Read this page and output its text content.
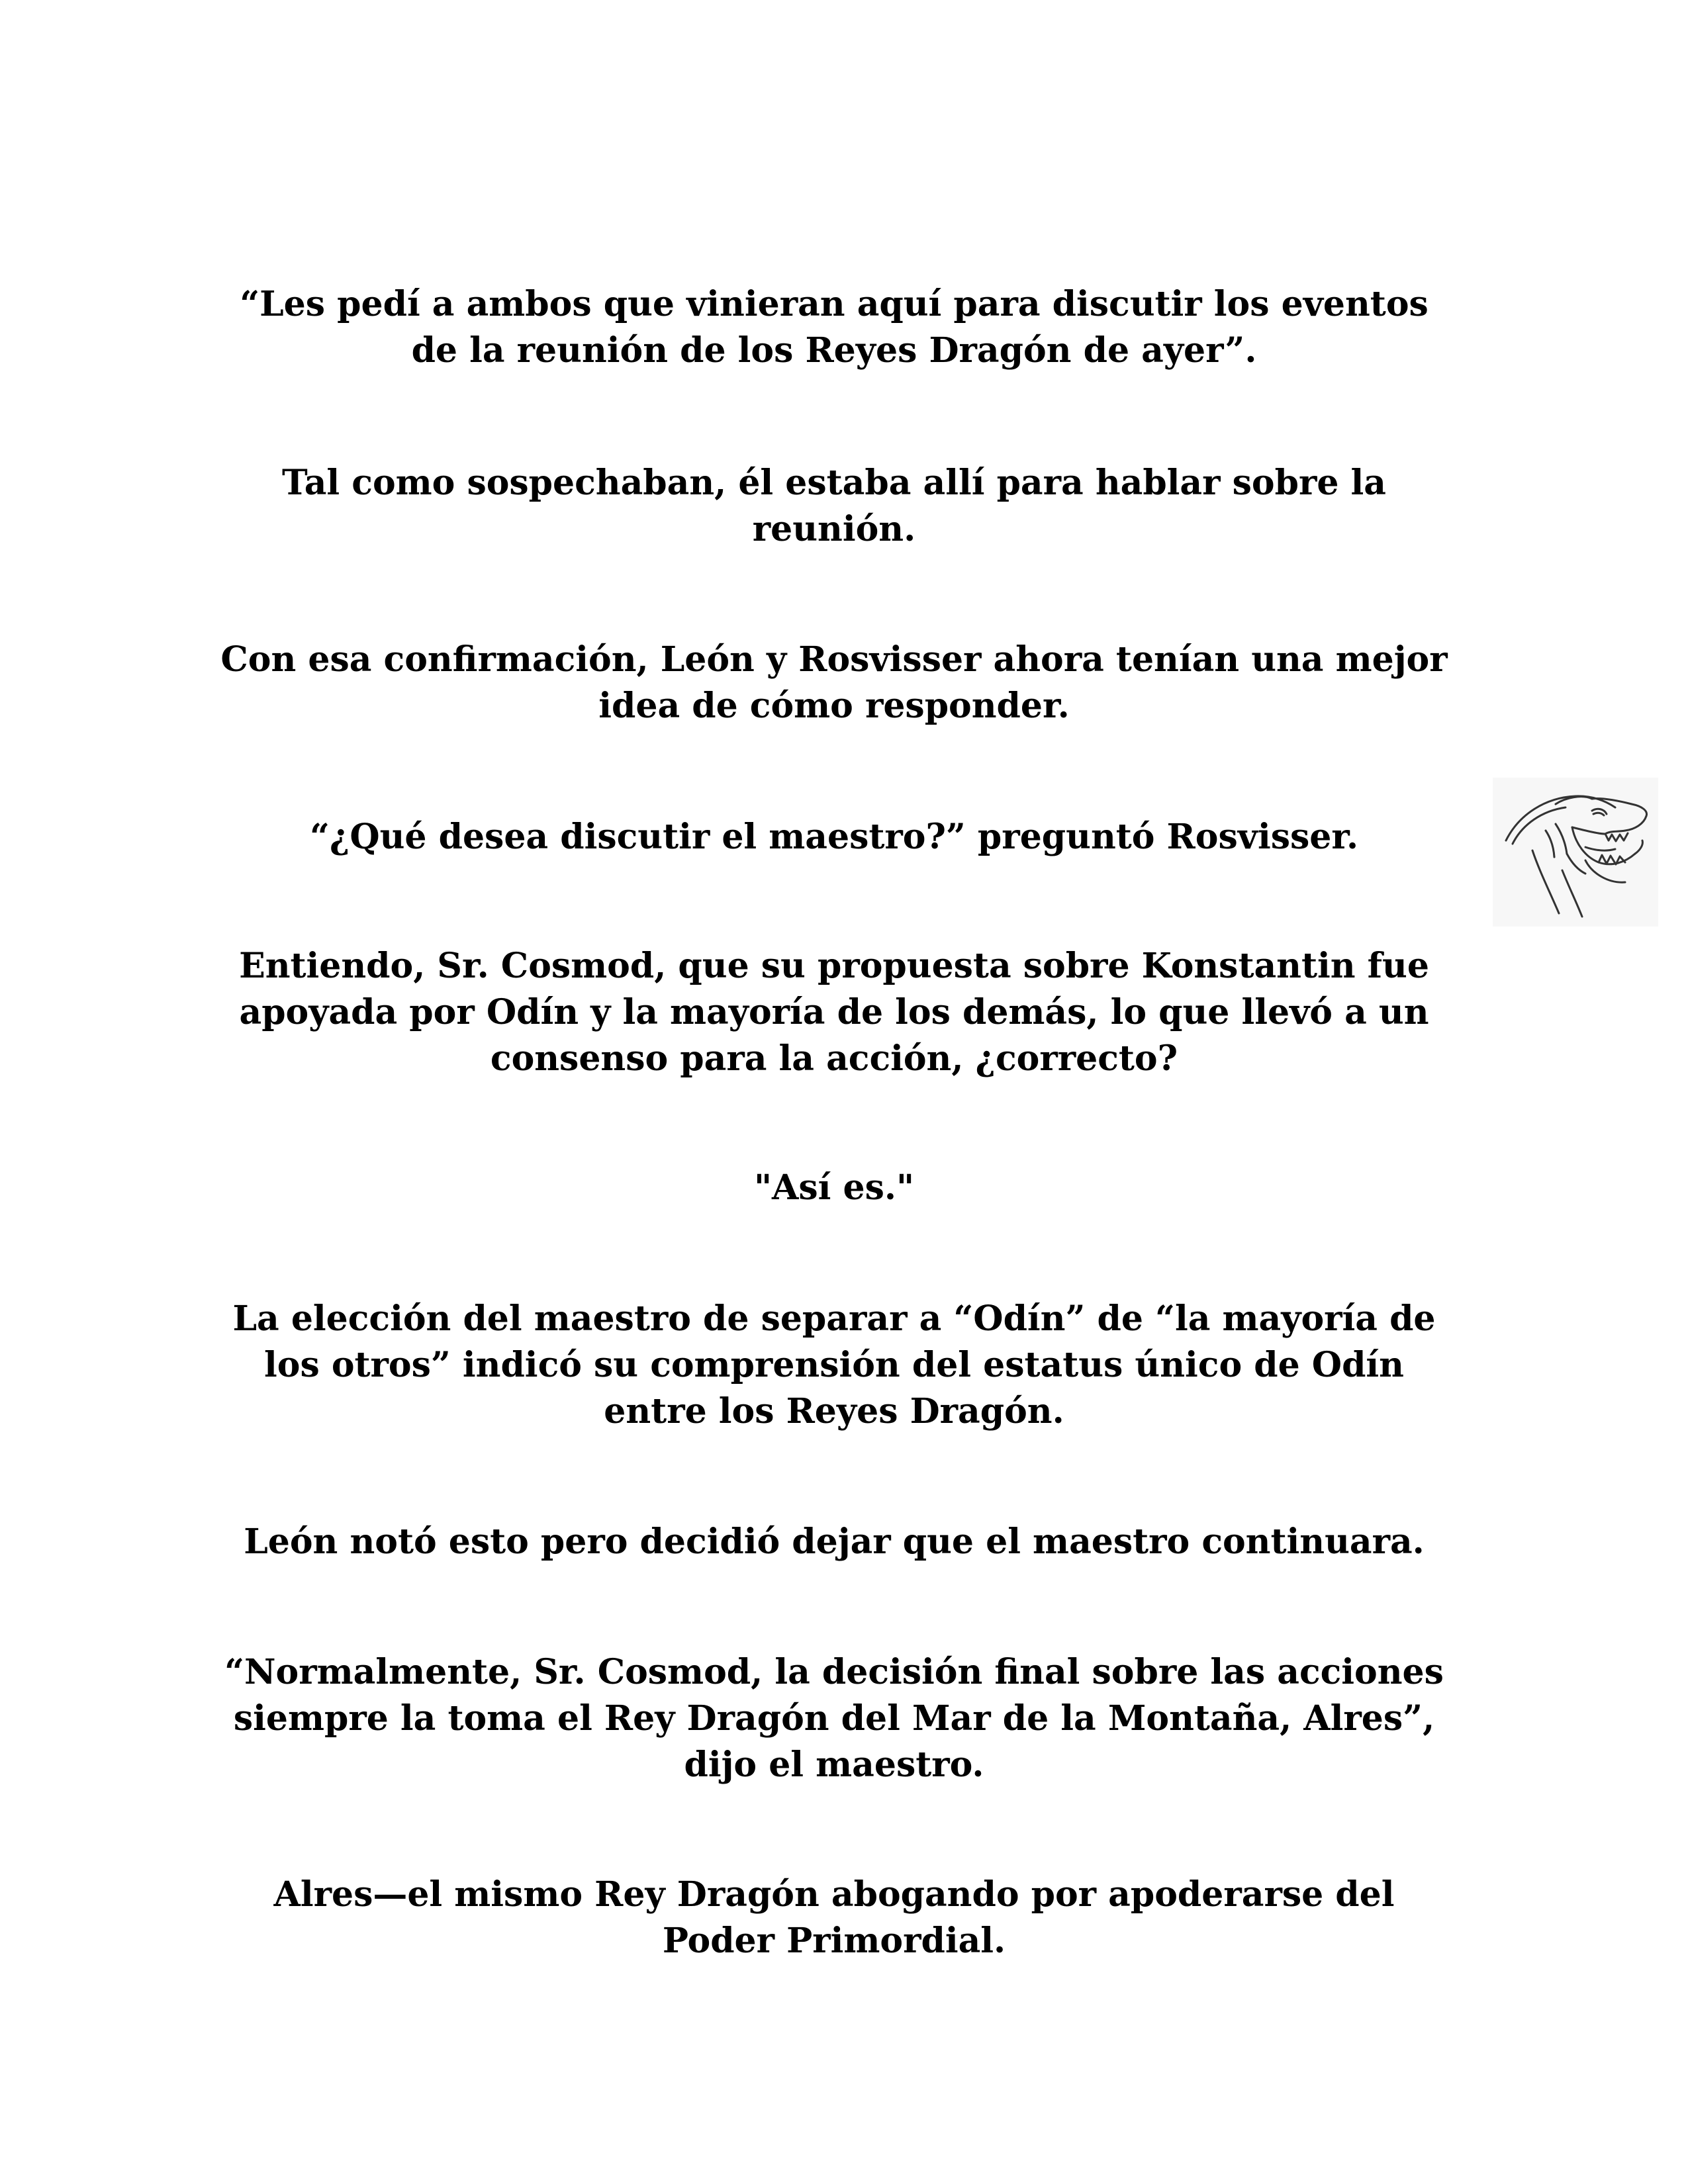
“Les pedí a ambos que vinieran aquí para discutir los eventos de la reunión de los Reyes Dragón de ayer”.

Tal como sospechaban, él estaba allí para hablar sobre la reunión.

Con esa confirmación, León y Rosvisser ahora tenían una mejor idea de cómo responder.

“¿Qué desea discutir el maestro?” preguntó Rosvisser.

Entiendo, Sr. Cosmod, que su propuesta sobre Konstantin fue apoyada por Odín y la mayoría de los demás, lo que llevó a un consenso para la acción, ¿correcto?

"Así es."

La elección del maestro de separar a “Odín” de “la mayoría de los otros” indicó su comprensión del estatus único de Odín entre los Reyes Dragón.

León notó esto pero decidió dejar que el maestro continuara.

“Normalmente, Sr. Cosmod, la decisión final sobre las acciones siempre la toma el Rey Dragón del Mar de la Montaña, Alres”, dijo el maestro.

Alres—el mismo Rey Dragón abogando por apoderarse del Poder Primordial.
